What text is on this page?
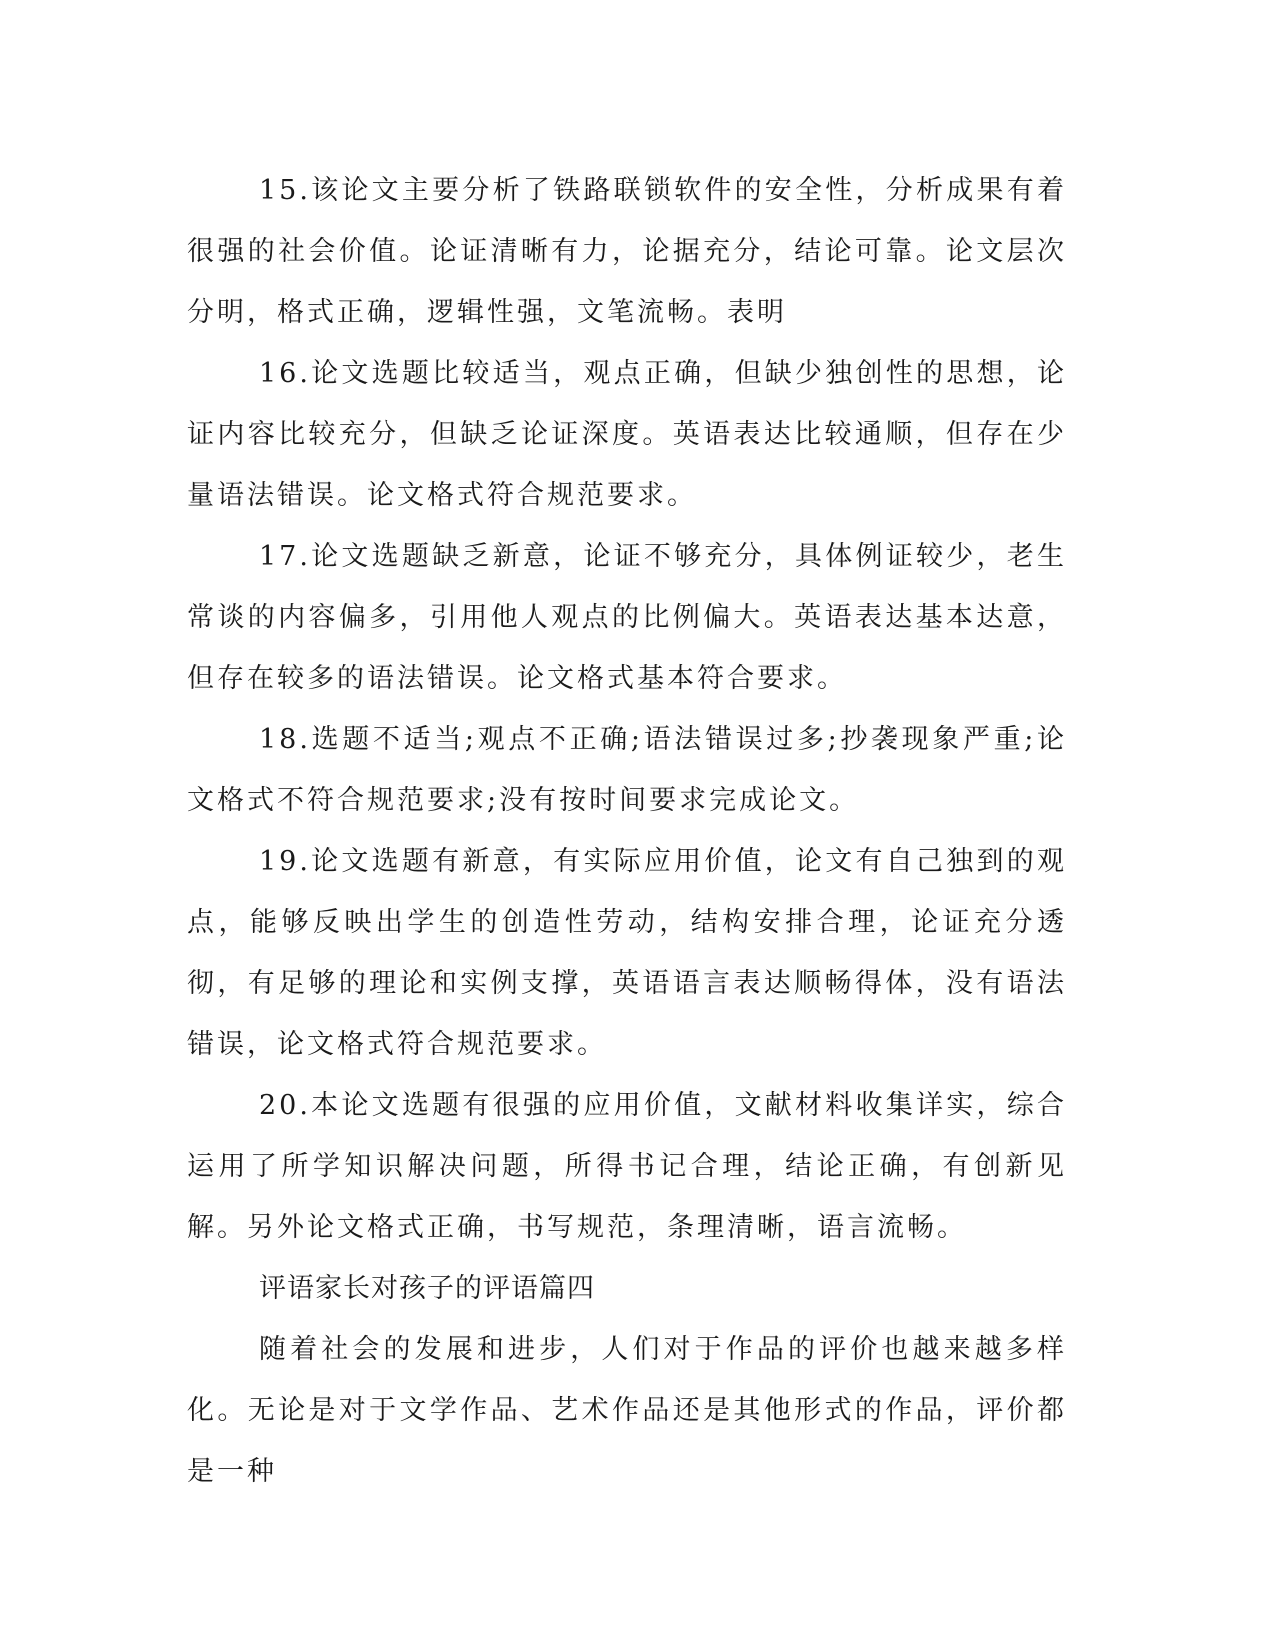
15.该论文主要分析了铁路联锁软件的安全性，分析成果有着很强的社会价值。论证清晰有力，论据充分，结论可靠。论文层次分明，格式正确，逻辑性强，文笔流畅。表明

16.论文选题比较适当，观点正确，但缺少独创性的思想，论证内容比较充分，但缺乏论证深度。英语表达比较通顺，但存在少量语法错误。论文格式符合规范要求。

17.论文选题缺乏新意，论证不够充分，具体例证较少，老生常谈的内容偏多，引用他人观点的比例偏大。英语表达基本达意，但存在较多的语法错误。论文格式基本符合要求。

18.选题不适当;观点不正确;语法错误过多;抄袭现象严重;论文格式不符合规范要求;没有按时间要求完成论文。

19.论文选题有新意，有实际应用价值，论文有自己独到的观点，能够反映出学生的创造性劳动，结构安排合理，论证充分透彻，有足够的理论和实例支撑，英语语言表达顺畅得体，没有语法错误，论文格式符合规范要求。

20.本论文选题有很强的应用价值，文献材料收集详实，综合运用了所学知识解决问题，所得书记合理，结论正确，有创新见解。另外论文格式正确，书写规范，条理清晰，语言流畅。

评语家长对孩子的评语篇四

随着社会的发展和进步，人们对于作品的评价也越来越多样化。无论是对于文学作品、艺术作品还是其他形式的作品，评价都是一种
